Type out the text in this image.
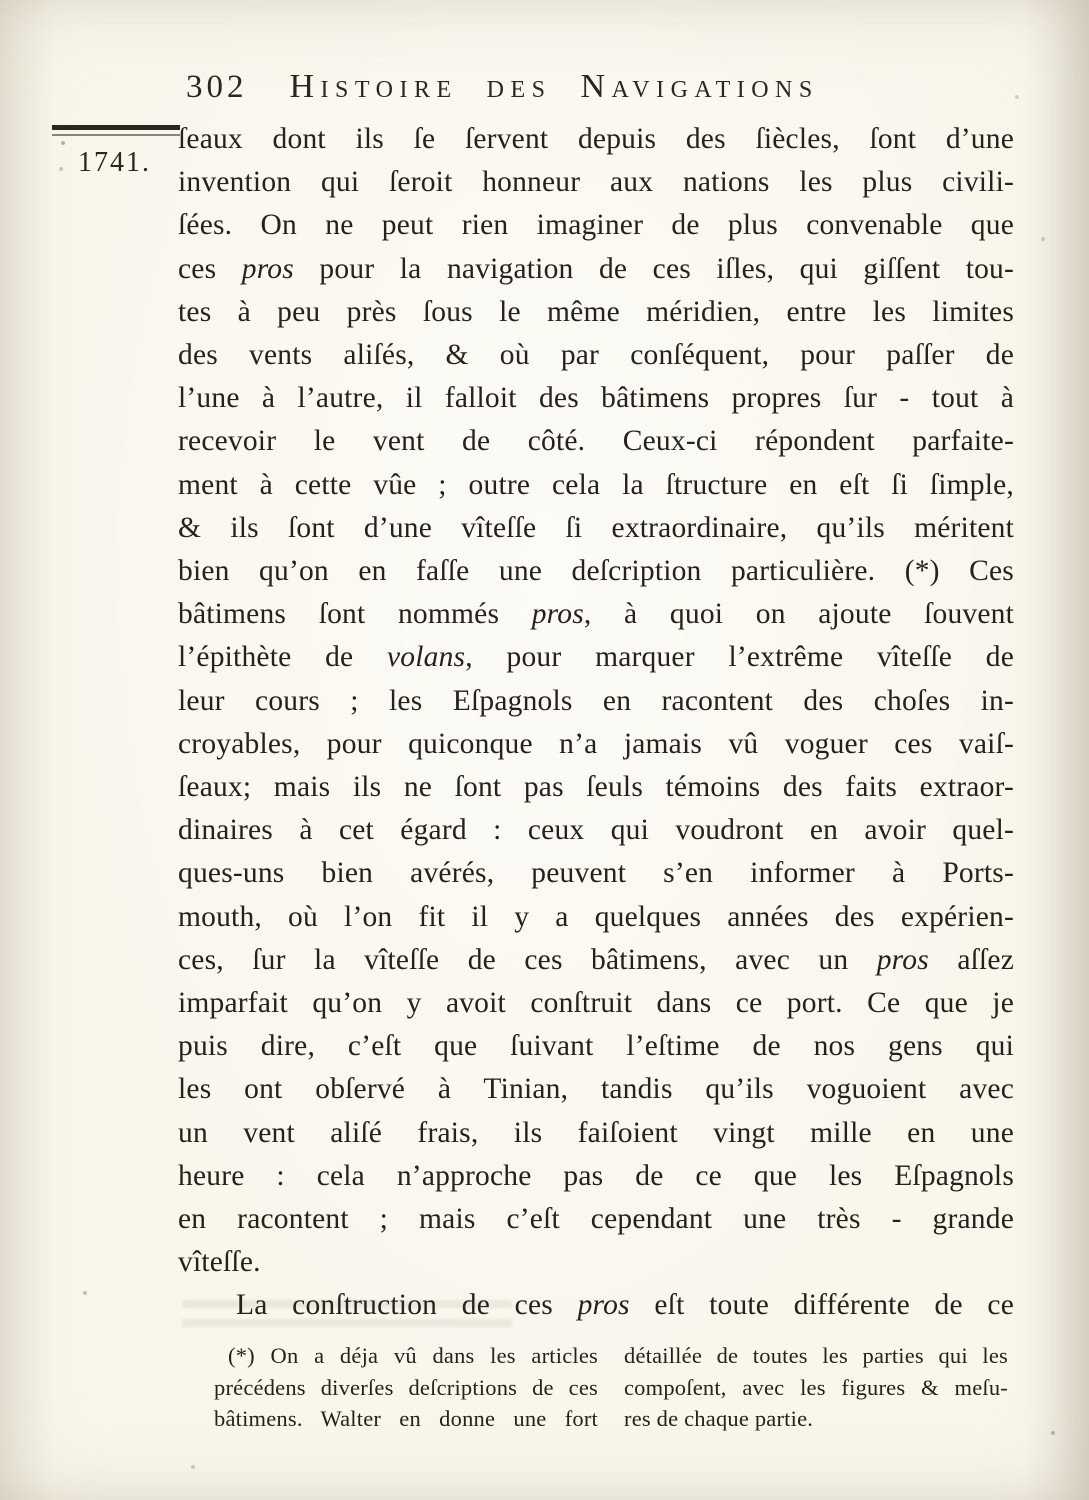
1741.
302 Histoire des Navigations
ſeaux dont ils ſe ſervent depuis des ſiècles, ſont d’une
invention qui ſeroit honneur aux nations les plus civili-
ſées. On ne peut rien imaginer de plus convenable que
ces pros pour la navigation de ces iſles, qui giſſent tou-
tes à peu près ſous le même méridien, entre les limites
des vents aliſés, & où par conſéquent, pour paſſer de
l’une à l’autre, il falloit des bâtimens propres ſur - tout à
recevoir le vent de côté. Ceux-ci répondent parfaite-
ment à cette vûe ; outre cela la ſtructure en eſt ſi ſimple,
& ils ſont d’une vîteſſe ſi extraordinaire, qu’ils méritent
bien qu’on en faſſe une deſcription particulière. (*) Ces
bâtimens ſont nommés pros, à quoi on ajoute ſouvent
l’épithète de volans, pour marquer l’extrême vîteſſe de
leur cours ; les Eſpagnols en racontent des choſes in-
croyables, pour quiconque n’a jamais vû voguer ces vaiſ-
ſeaux; mais ils ne ſont pas ſeuls témoins des faits extraor-
dinaires à cet égard : ceux qui voudront en avoir quel-
ques-uns bien avérés, peuvent s’en informer à Ports-
mouth, où l’on fit il y a quelques années des expérien-
ces, ſur la vîteſſe de ces bâtimens, avec un pros aſſez
imparfait qu’on y avoit conſtruit dans ce port. Ce que je
puis dire, c’eſt que ſuivant l’eſtime de nos gens qui
les ont obſervé à Tinian, tandis qu’ils voguoient avec
un vent aliſé frais, ils faiſoient vingt mille en une
heure : cela n’approche pas de ce que les Eſpagnols
en racontent ; mais c’eſt cependant une très - grande
vîteſſe.
La conſtruction de ces pros eſt toute différente de ce
(*) On a déja vû dans les articles
précédens diverſes deſcriptions de ces
bâtimens. Walter en donne une fort
détaillée de toutes les parties qui les
compoſent, avec les figures & meſu-
res de chaque partie.
